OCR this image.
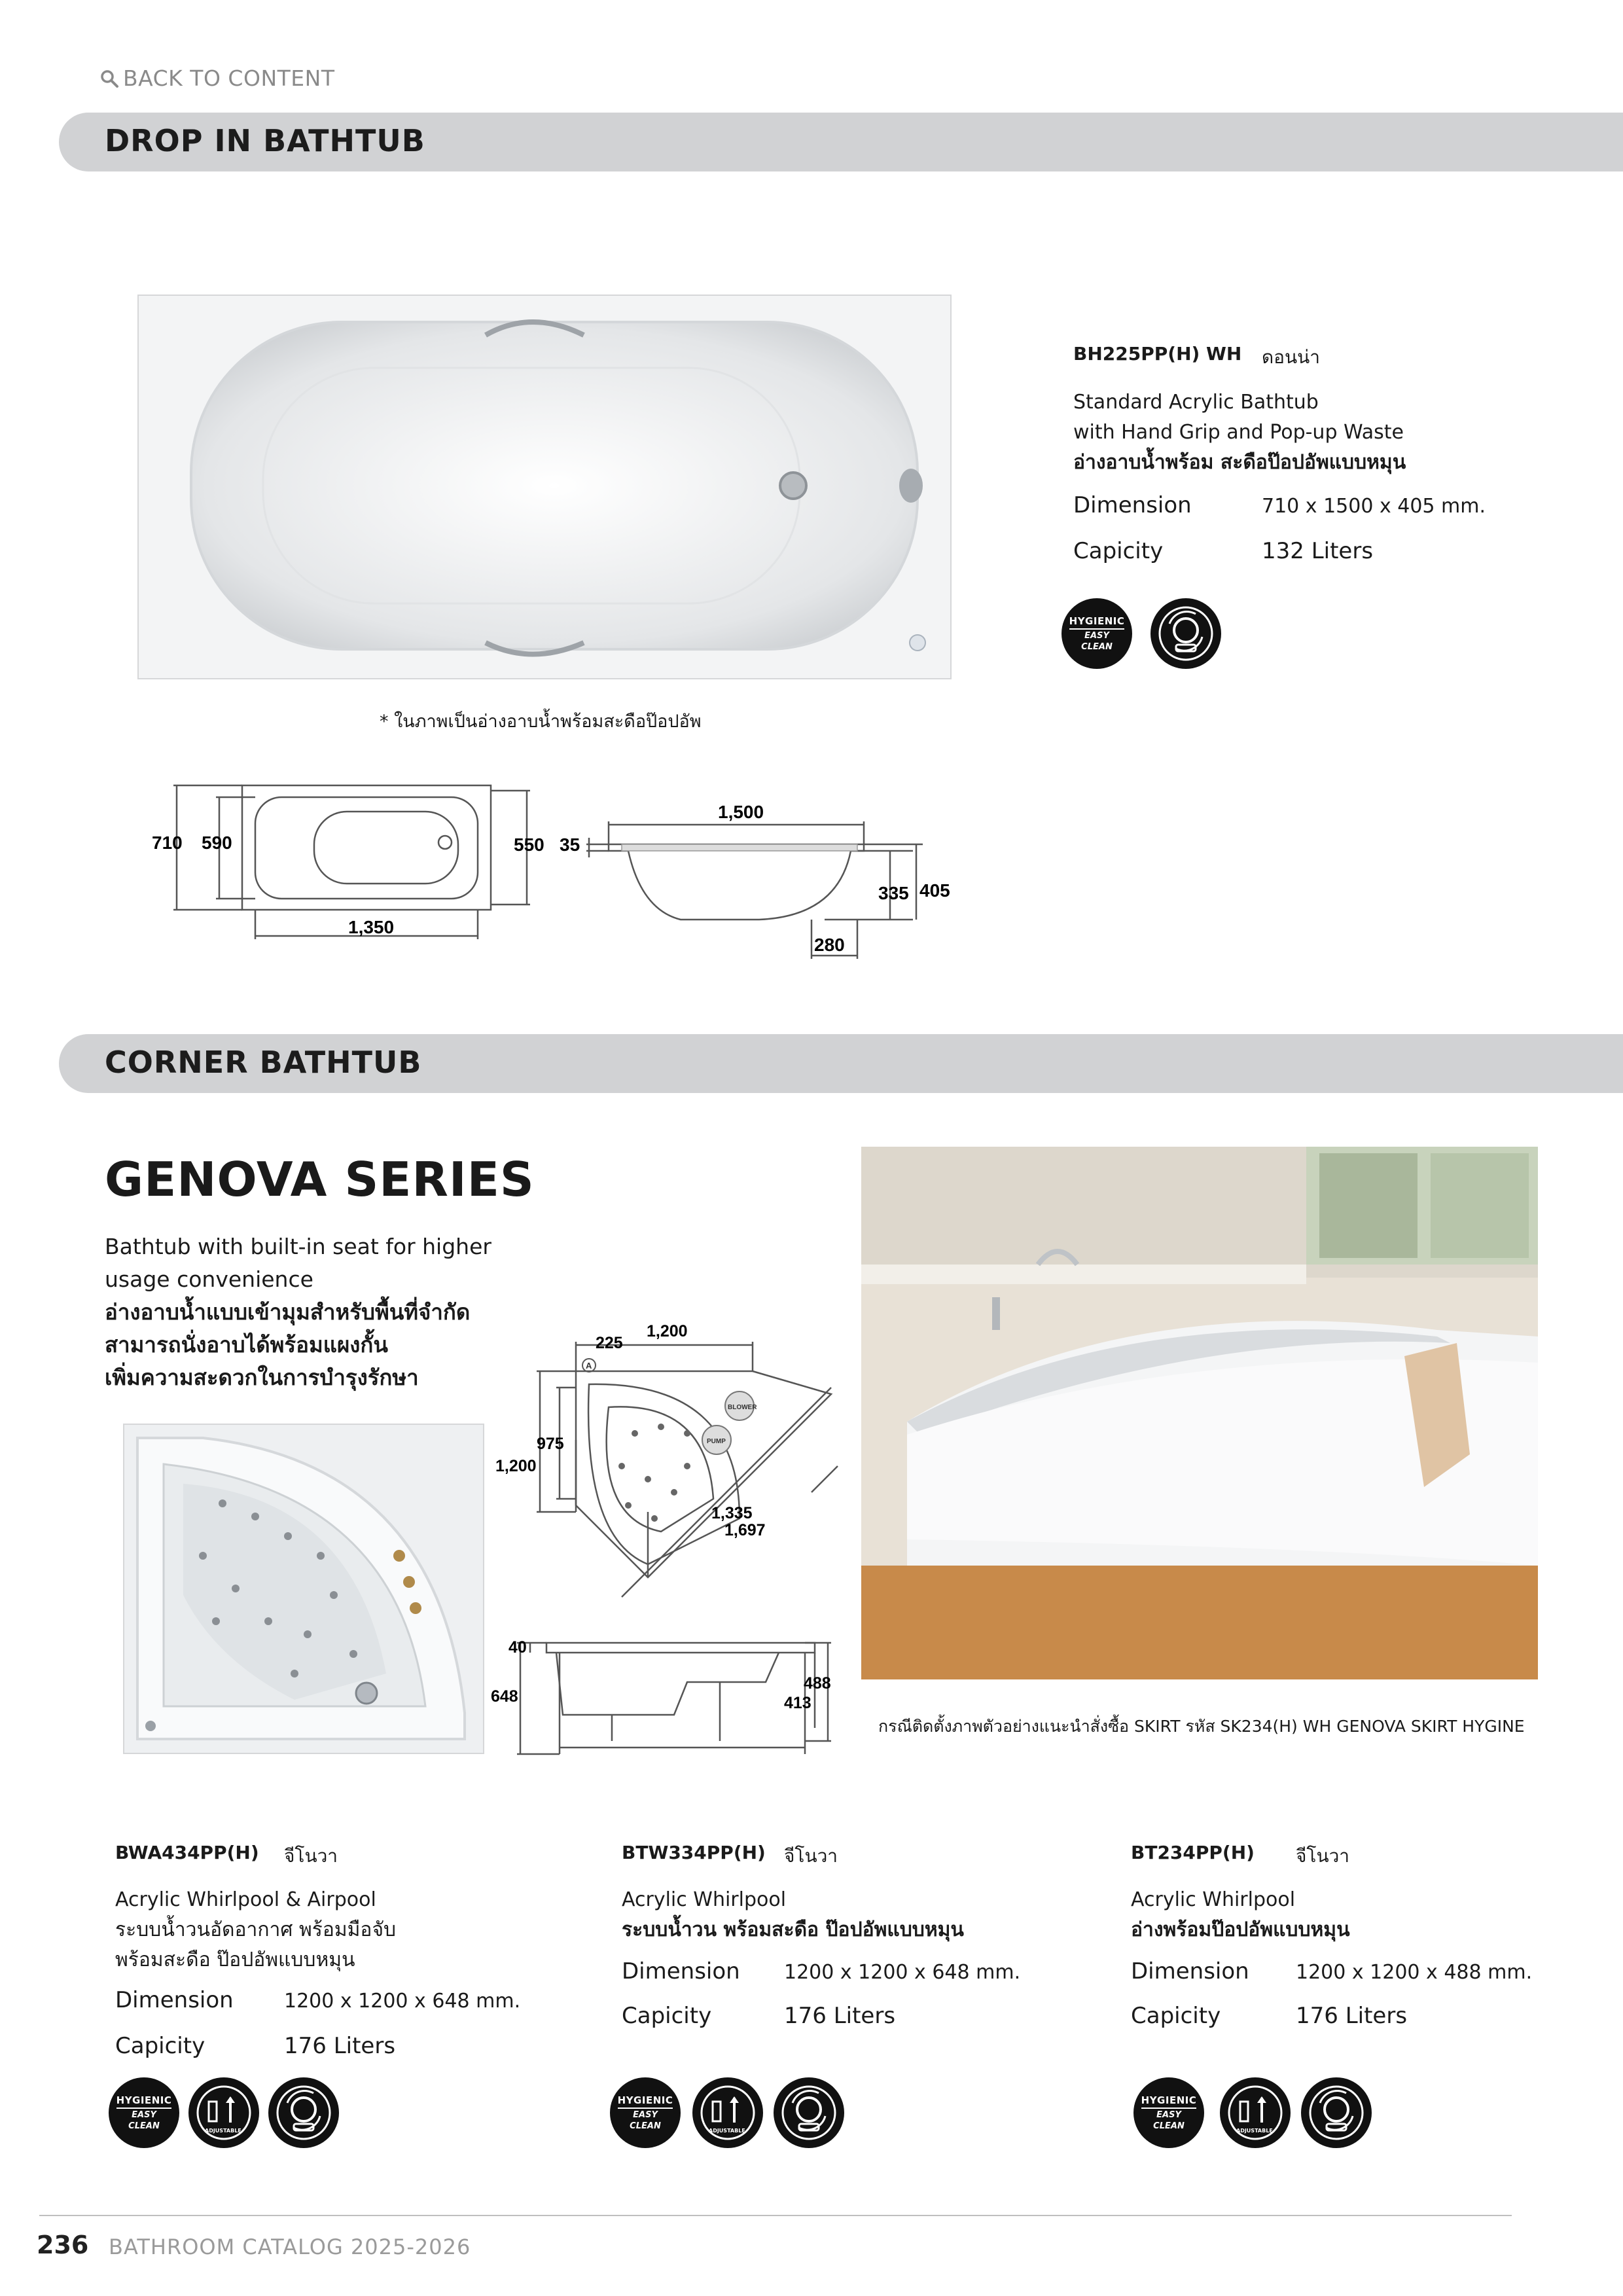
BACK TO CONTENT
DROP IN BATHTUB
* ในภาพเป็นอ่างอาบน้ำพร้อมสะดือป๊อปอัพ
BH225PP(H) WH ดอนน่า
Standard Acrylic Bathtub
with Hand Grip and Pop-up Waste
อ่างอาบน้ำพร้อม สะดือป๊อปอัพแบบหมุน
Dimension	710 x 1500 x 405 mm.
Capicity	132 Liters
HYGIENIC
EASY
CLEAN
710 590	550
1,350
35
1,500
335 405
280
CORNER BATHTUB
GENOVA SERIES
Bathtub with built-in seat for higher
usage convenience
อ่างอาบน้ำแบบเข้ามุมสำหรับพื้นที่จำกัด
สามารถนั่งอาบได้พร้อมแผงกั้น
เพิ่มความสะดวกในการบำรุงรักษา	A
BLOWER
PUMP
1,200
225
975
1,200
1,335
1,697
40
648
488
413
กรณีติดตั้งภาพตัวอย่างแนะนำสั่งซื้อ SKIRT รหัส SK234(H) WH GENOVA SKIRT HYGINE
BWA434PP(H) จีโนวา
Acrylic Whirlpool & Airpool
ระบบน้ำวนอัดอากาศ พร้อมมือจับ
พร้อมสะดือ ป๊อปอัพแบบหมุน
Dimension	1200 x 1200 x 648 mm.
Capicity	176 Liters
BTW334PP(H) จีโนวา
Acrylic Whirlpool
ระบบน้ำวน พร้อมสะดือ ป๊อปอัพแบบหมุน
Dimension 1200 x 1200 x 648 mm.
Capicity	176 Liters
BT234PP(H) จีโนวา
Acrylic Whirlpool
อ่างพร้อมป๊อปอัพแบบหมุน
Dimension 1200 x 1200 x 488 mm.
Capicity	176 Liters
HYGIENIC
EASY
CLEAN	ADJUSTABLE
HYGIENIC
EASY
CLEAN	ADJUSTABLE
HYGIENIC
EASY
CLEAN	ADJUSTABLE
236 BATHROOM CATALOG 2025-2026
